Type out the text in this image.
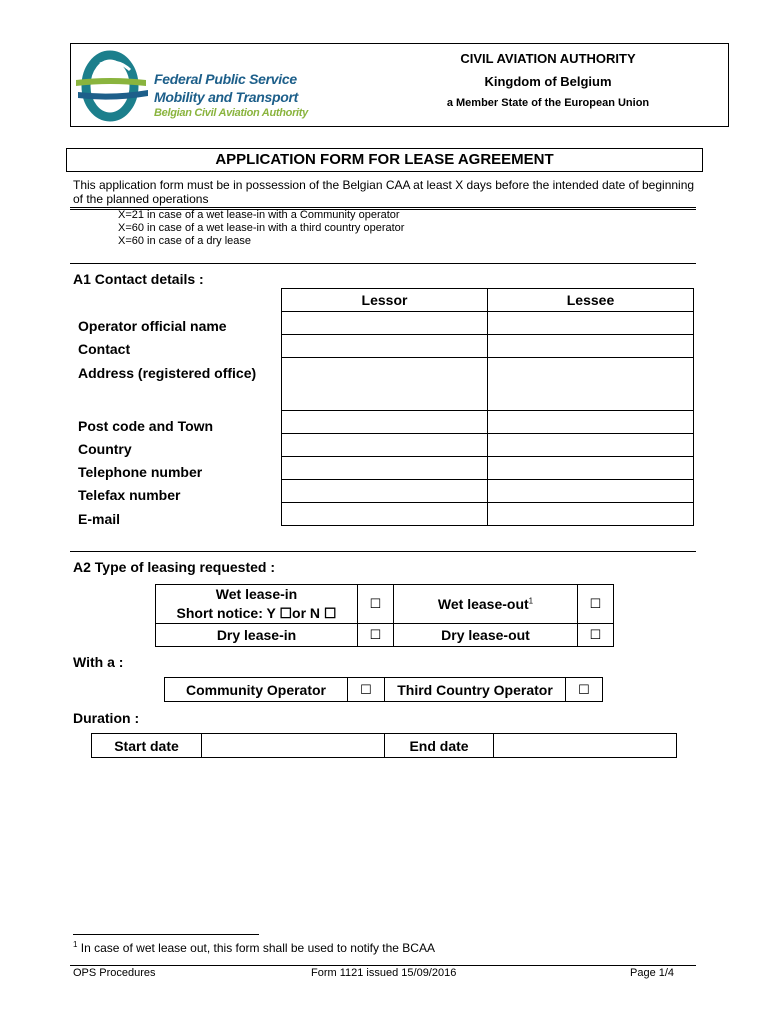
Federal Public Service
Mobility and Transport
Belgian Civil Aviation Authority
CIVIL AVIATION AUTHORITY
Kingdom of Belgium
a Member State of the European Union
APPLICATION FORM FOR LEASE AGREEMENT
This application form must be in possession of the Belgian CAA at least X days before the intended date of beginning of the planned operations
X=21 in case of a wet lease-in with a Community operator
X=60 in case of a wet lease-in with a third country operator
X=60 in case of a dry lease
A1 Contact details :
Lessor	Lessee

Operator official name
Contact
Address (registered office)
Post code and Town
Country
Telephone number
Telefax number
E-mail
A2 Type of leasing requested :
Wet lease-in
Short notice: Y ☐or N ☐	☐	Wet lease-out$^1$	☐
Dry lease-in	☐	Dry lease-out	☐
With a :
Community Operator	☐	Third Country Operator	☐
Duration :
Start date		End date	
$^1$ In case of wet lease out, this form shall be used to notify the BCAA
OPS Procedures	Form 1121 issued 15/09/2016	Page 1/4
